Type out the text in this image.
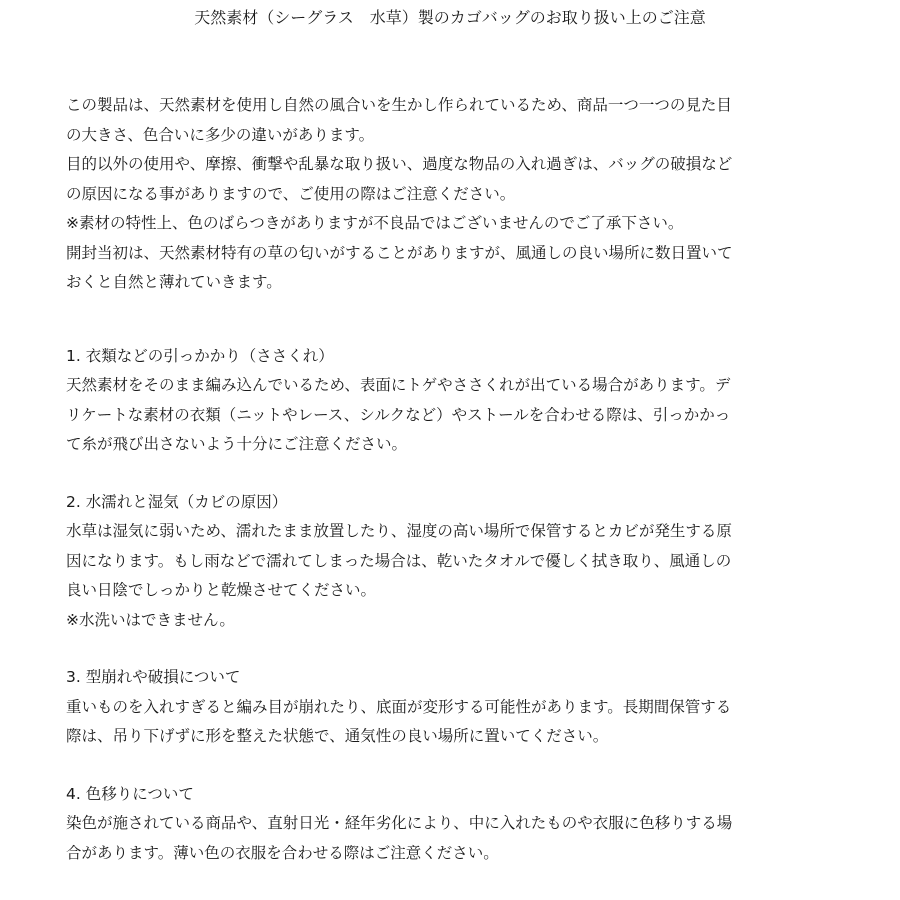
天然素材（シーグラス　水草）製のカゴバッグのお取り扱い上のご注意

この製品は、天然素材を使用し自然の風合いを生かし作られているため、商品一つ一つの見た目

の大きさ、色合いに多少の違いがあります。

目的以外の使用や、摩擦、衝撃や乱暴な取り扱い、過度な物品の入れ過ぎは、バッグの破損など

の原因になる事がありますので、ご使用の際はご注意ください。

※素材の特性上、色のばらつきがありますが不良品ではございませんのでご了承下さい。

開封当初は、天然素材特有の草の匂いがすることがありますが、風通しの良い場所に数日置いて

おくと自然と薄れていきます。

1. 衣類などの引っかかり（ささくれ）

天然素材をそのまま編み込んでいるため、表面にトゲやささくれが出ている場合があります。デ

リケートな素材の衣類（ニットやレース、シルクなど）やストールを合わせる際は、引っかかっ

て糸が飛び出さないよう十分にご注意ください。

2. 水濡れと湿気（カビの原因）

水草は湿気に弱いため、濡れたまま放置したり、湿度の高い場所で保管するとカビが発生する原

因になります。もし雨などで濡れてしまった場合は、乾いたタオルで優しく拭き取り、風通しの

良い日陰でしっかりと乾燥させてください。

※水洗いはできません。

3. 型崩れや破損について

重いものを入れすぎると編み目が崩れたり、底面が変形する可能性があります。長期間保管する

際は、吊り下げずに形を整えた状態で、通気性の良い場所に置いてください。

4. 色移りについて

染色が施されている商品や、直射日光・経年劣化により、中に入れたものや衣服に色移りする場

合があります。薄い色の衣服を合わせる際はご注意ください。
